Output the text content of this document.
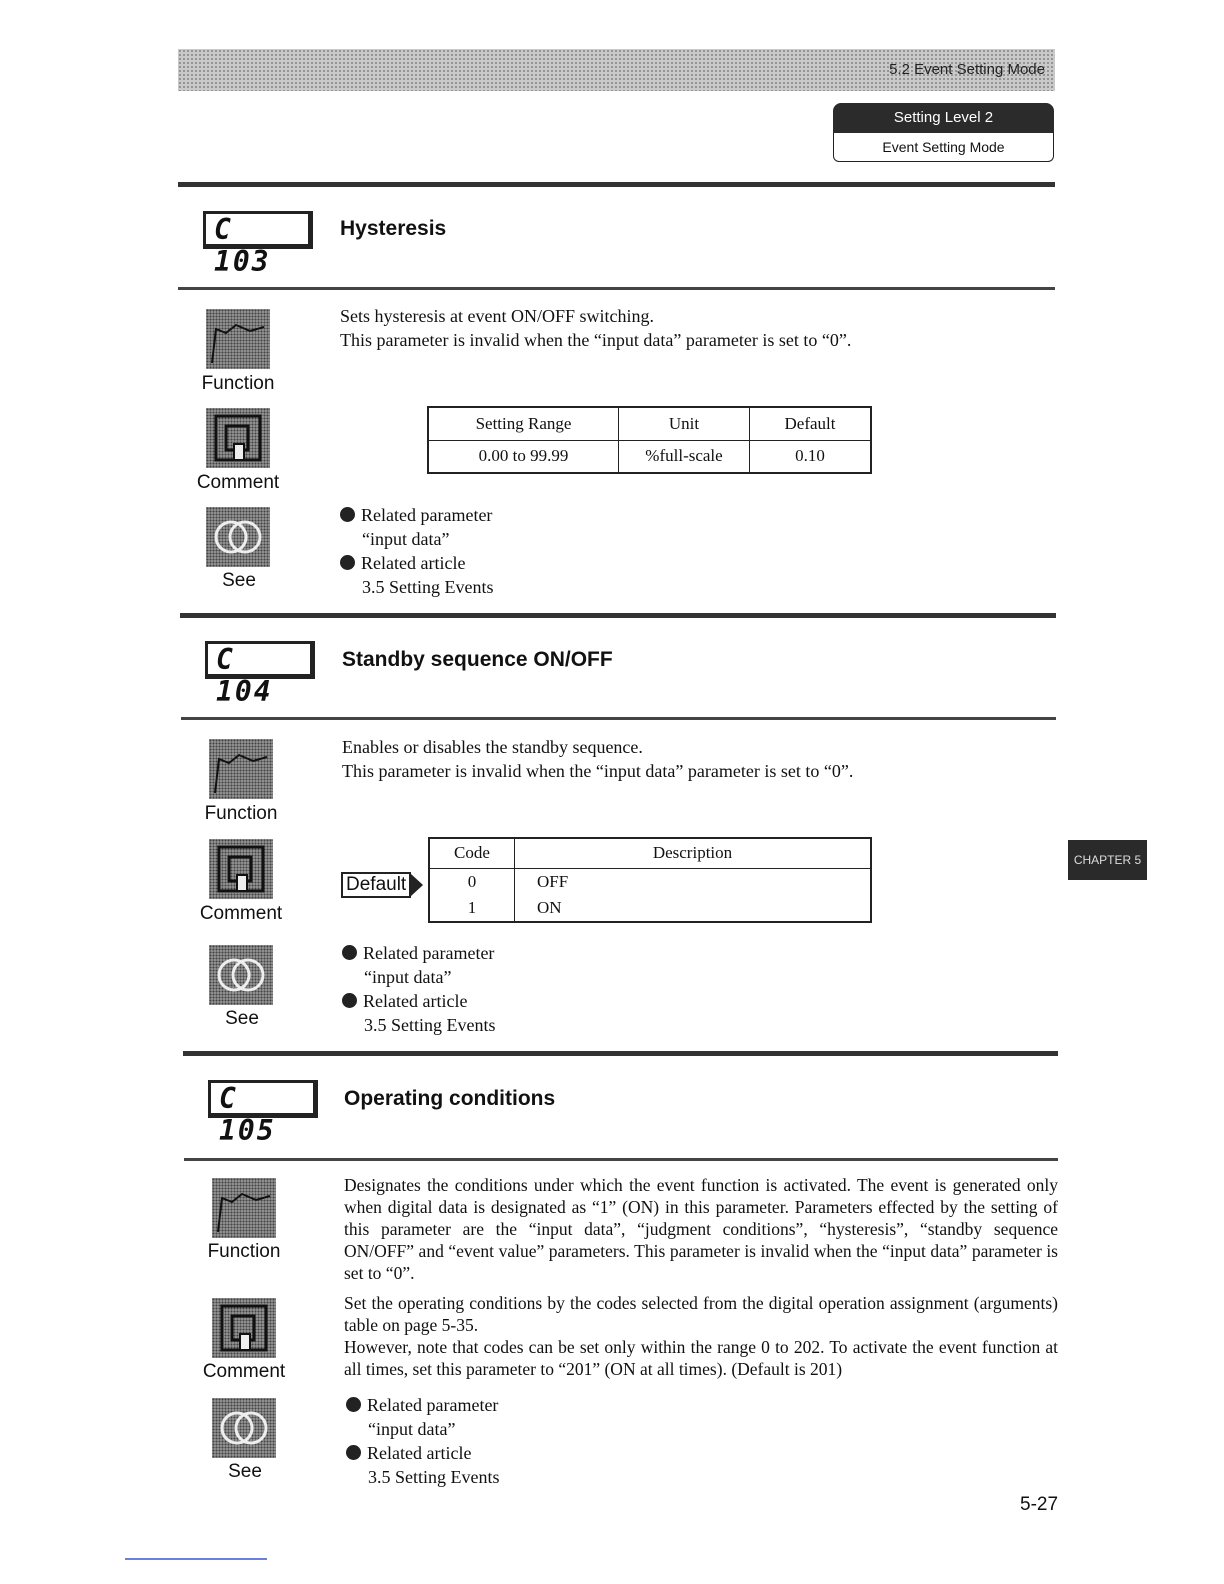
5.2 Event Setting Mode
Setting Level 2
Event Setting Mode
C 103
Hysteresis
Function
Comment
See
Sets hysteresis at event ON/OFF switching.
This parameter is invalid when the “input data” parameter is set to “0”.
Setting Range	Unit	Default
0.00 to 99.99	%full-scale	0.10
Related parameter
“input data”
Related article
3.5 Setting Events
C 104
Standby sequence ON/OFF
Function
Comment
See
Enables or disables the standby sequence.
This parameter is invalid when the “input data” parameter is set to “0”.
Default
Code	Description
0	OFF
1	ON
Related parameter
“input data”
Related article
3.5 Setting Events
C 105
Operating conditions
Function
Comment
See
Designates the conditions under which the event function is activated. The event is generated only when digital data is designated as “1” (ON) in this parameter. Parameters effected by the setting of this parameter are the “input data”, “judgment conditions”, “hysteresis”, “standby sequence ON/OFF” and “event value” parameters. This parameter is invalid when the “input data” parameter is set to “0”.
Set the operating conditions by the codes selected from the digital operation assignment (arguments) table on page 5-35.
However, note that codes can be set only within the range 0 to 202. To activate the event function at all times, set this parameter to “201” (ON at all times). (Default is 201)
Related parameter
“input data”
Related article
3.5 Setting Events
CHAPTER 5
5-27
